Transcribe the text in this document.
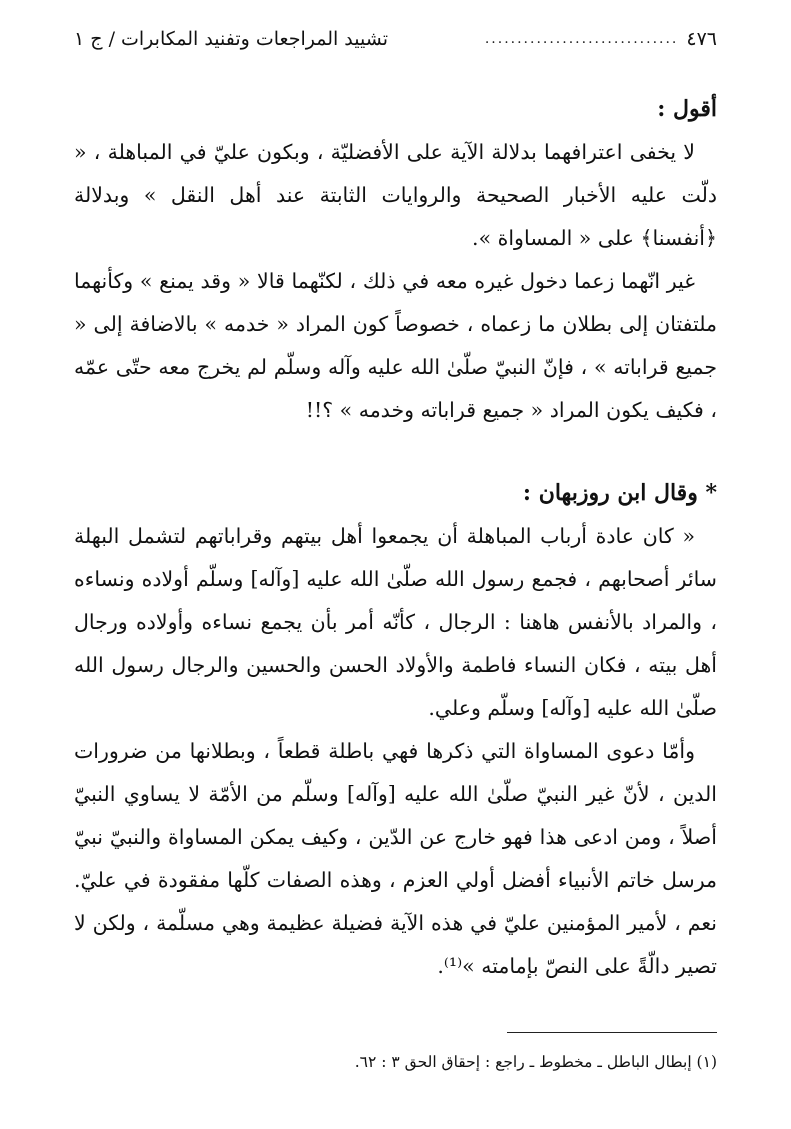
٤٧٦
..............................
تشييد المراجعات وتفنيد المكابرات / ج ١
أقول :

لا يخفى اعترافهما بدلالة الآية على الأفضليّة ، وبكون عليّ في المباهلة ، « دلّت عليه الأخبار الصحيحة والروايات الثابتة عند أهل النقل » وبدلالة ﴿أنفسنا﴾ على « المساواة ».

غير انّهما زعما دخول غيره معه في ذلك ، لكنّهما قالا « وقد يمنع » وكأنهما ملتفتان إلى بطلان ما زعماه ، خصوصاً كون المراد « خدمه » بالاضافة إلى « جميع قراباته » ، فإنّ النبيّ صلّىٰ الله عليه وآله وسلّم لم يخرج معه حتّى عمّه ، فكيف يكون المراد « جميع قراباته وخدمه » ؟!!

* وقال ابن روزبهان :

« كان عادة أرباب المباهلة أن يجمعوا أهل بيتهم وقراباتهم لتشمل البهلة سائر أصحابهم ، فجمع رسول الله صلّىٰ الله عليه [وآله] وسلّم أولاده ونساءه ، والمراد بالأنفس هاهنا : الرجال ، كأنّه أمر بأن يجمع نساءه وأولاده ورجال أهل بيته ، فكان النساء فاطمة والأولاد الحسن والحسين والرجال رسول الله صلّىٰ الله عليه [وآله] وسلّم وعلي.

وأمّا دعوى المساواة التي ذكرها فهي باطلة قطعاً ، وبطلانها من ضرورات الدين ، لأنّ غير النبيّ صلّىٰ الله عليه [وآله] وسلّم من الأمّة لا يساوي النبيّ أصلاً ، ومن ادعى هذا فهو خارج عن الدّين ، وكيف يمكن المساواة والنبيّ نبيّ مرسل خاتم الأنبياء أفضل أولي العزم ، وهذه الصفات كلّها مفقودة في عليّ. نعم ، لأمير المؤمنين عليّ في هذه الآية فضيلة عظيمة وهي مسلّمة ، ولكن لا تصير دالّةً على النصّ بإمامته »⁽¹⁾.

(١) إبطال الباطل ـ مخطوط ـ راجع : إحقاق الحق ٣ : ٦٢.
